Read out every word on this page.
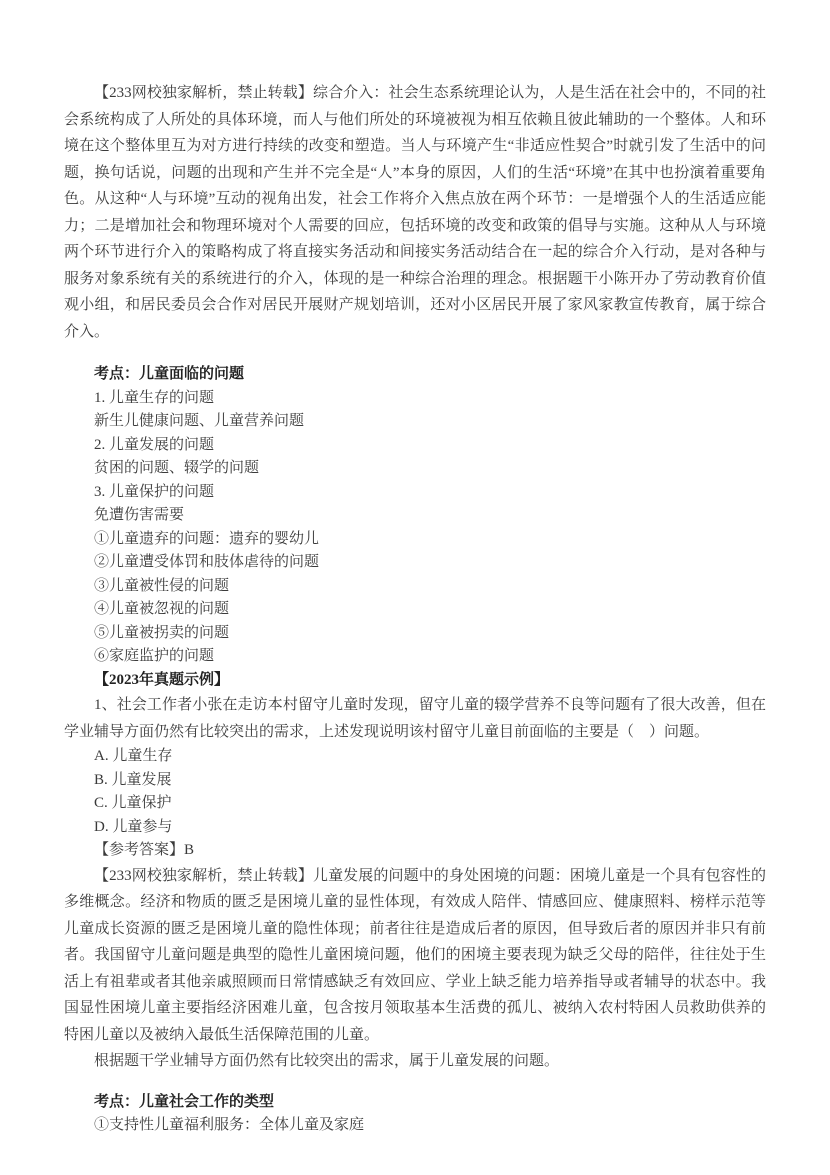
【233网校独家解析，禁止转载】综合介入：社会生态系统理论认为，人是生活在社会中的，不同的社会系统构成了人所处的具体环境，而人与他们所处的环境被视为相互依赖且彼此辅助的一个整体。人和环境在这个整体里互为对方进行持续的改变和塑造。当人与环境产生“非适应性契合”时就引发了生活中的问题，换句话说，问题的出现和产生并不完全是“人”本身的原因，人们的生活“环境”在其中也扮演着重要角色。从这种“人与环境”互动的视角出发，社会工作将介入焦点放在两个环节：一是增强个人的生活适应能力；二是增加社会和物理环境对个人需要的回应，包括环境的改变和政策的倡导与实施。这种从人与环境两个环节进行介入的策略构成了将直接实务活动和间接实务活动结合在一起的综合介入行动，是对各种与服务对象系统有关的系统进行的介入，体现的是一种综合治理的理念。根据题干小陈开办了劳动教育价值观小组，和居民委员会合作对居民开展财产规划培训，还对小区居民开展了家风家教宣传教育，属于综合介入。

考点：儿童面临的问题

1. 儿童生存的问题

新生儿健康问题、儿童营养问题

2. 儿童发展的问题

贫困的问题、辍学的问题

3. 儿童保护的问题

免遭伤害需要

①儿童遗弃的问题：遗弃的婴幼儿

②儿童遭受体罚和肢体虐待的问题

③儿童被性侵的问题

④儿童被忽视的问题

⑤儿童被拐卖的问题

⑥家庭监护的问题

【2023年真题示例】

1、社会工作者小张在走访本村留守儿童时发现，留守儿童的辍学营养不良等问题有了很大改善，但在学业辅导方面仍然有比较突出的需求，上述发现说明该村留守儿童目前面临的主要是（　）问题。

A. 儿童生存

B. 儿童发展

C. 儿童保护

D. 儿童参与

【参考答案】B

【233网校独家解析，禁止转载】儿童发展的问题中的身处困境的问题：困境儿童是一个具有包容性的多维概念。经济和物质的匮乏是困境儿童的显性体现，有效成人陪伴、情感回应、健康照料、榜样示范等儿童成长资源的匮乏是困境儿童的隐性体现；前者往往是造成后者的原因，但导致后者的原因并非只有前者。我国留守儿童问题是典型的隐性儿童困境问题，他们的困境主要表现为缺乏父母的陪伴，往往处于生活上有祖辈或者其他亲戚照顾而日常情感缺乏有效回应、学业上缺乏能力培养指导或者辅导的状态中。我国显性困境儿童主要指经济困难儿童，包含按月领取基本生活费的孤儿、被纳入农村特困人员救助供养的特困儿童以及被纳入最低生活保障范围的儿童。

根据题干学业辅导方面仍然有比较突出的需求，属于儿童发展的问题。

考点：儿童社会工作的类型

①支持性儿童福利服务：全体儿童及家庭
